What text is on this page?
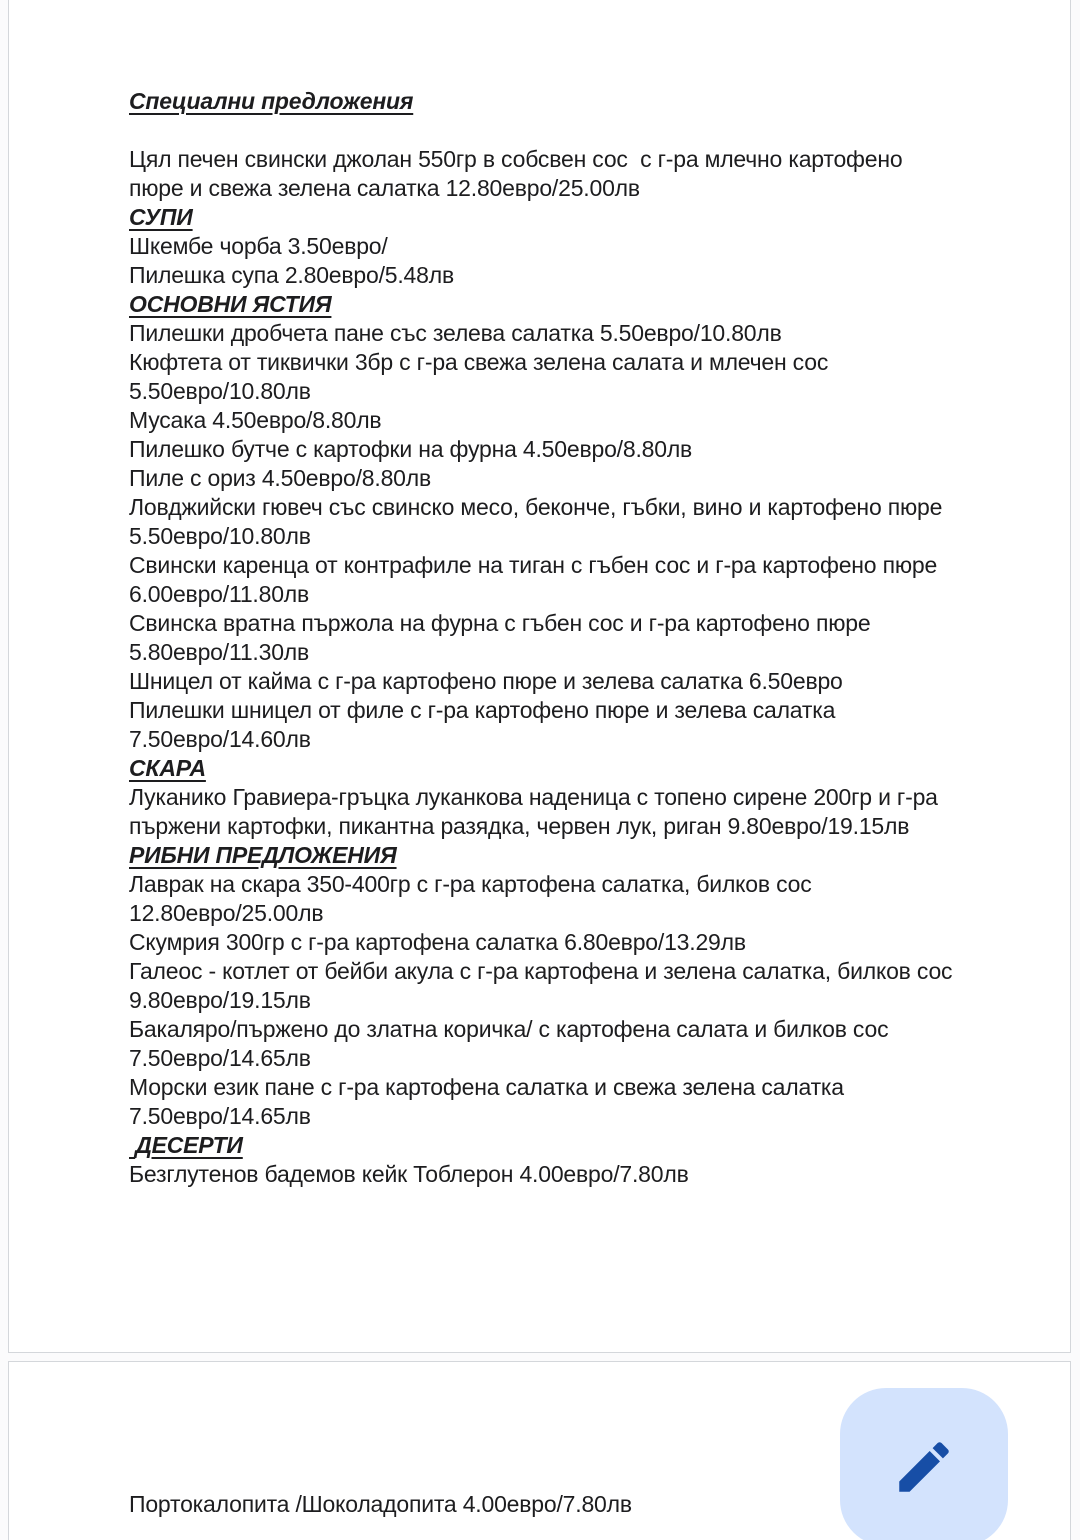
Специални предложения

Цял печен свински джолан 550гр в собсвен сос  с г-ра млечно картофено пюре и свежа зелена салатка 12.80евро/25.00лв

СУПИ

Шкембе чорба 3.50евро/

Пилешка супа 2.80евро/5.48лв

ОСНОВНИ ЯСТИЯ

Пилешки дробчета пане със зелева салатка 5.50евро/10.80лв

Кюфтета от тиквички 3бр с г-ра свежа зелена салата и млечен сос 5.50евро/10.80лв

Мусака 4.50евро/8.80лв

Пилешко бутче с картофки на фурна 4.50евро/8.80лв

Пиле с ориз 4.50евро/8.80лв

Ловджийски гювеч със свинско месо, беконче, гъбки, вино и картофено пюре 5.50евро/10.80лв

Свински каренца от контрафиле на тиган с гъбен сос и г-ра картофено пюре 6.00евро/11.80лв

Свинска вратна пържола на фурна с гъбен сос и г-ра картофено пюре 5.80евро/11.30лв

Шницел от кайма с г-ра картофено пюре и зелева салатка 6.50евро

Пилешки шницел от филе с г-ра картофено пюре и зелева салатка 7.50евро/14.60лв

СКАРА

Луканико Гравиера-гръцка луканкова наденица с топено сирене 200гр и г-ра пържени картофки, пикантна разядка, червен лук, риган 9.80евро/19.15лв

РИБНИ ПРЕДЛОЖЕНИЯ

Лаврак на скара 350-400гр с г-ра картофена салатка, билков сос 12.80евро/25.00лв

Скумрия 300гр с г-ра картофена салатка 6.80евро/13.29лв

Галеос - котлет от бейби акула с г-ра картофена и зелена салатка, билков сос 9.80евро/19.15лв

Бакаляро/пържено до златна коричка/ с картофена салата и билков сос 7.50евро/14.65лв

Морски език пане с г-ра картофена салатка и свежа зелена салатка 7.50евро/14.65лв

ДЕСЕРТИ

Безглутенов бадемов кейк Тоблерон 4.00евро/7.80лв

Портокалопита /Шоколадопита 4.00евро/7.80лв
